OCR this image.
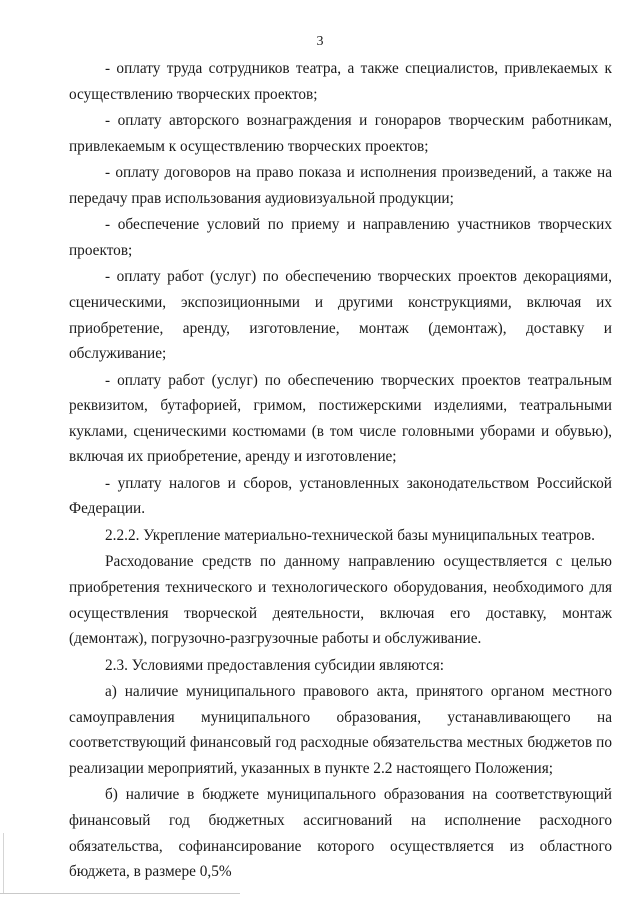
3

- оплату труда сотрудников театра, а также специалистов, привлекаемых к осуществлению творческих проектов;

- оплату авторского вознаграждения и гонораров творческим работникам, привлекаемым к осуществлению творческих проектов;

- оплату договоров на право показа и исполнения произведений, а также на передачу прав использования аудиовизуальной продукции;

- обеспечение условий по приему и направлению участников творческих проектов;

- оплату работ (услуг) по обеспечению творческих проектов декорациями, сценическими, экспозиционными и другими конструкциями, включая их приобретение, аренду, изготовление, монтаж (демонтаж), доставку и обслуживание;

- оплату работ (услуг) по обеспечению творческих проектов театральным реквизитом, бутафорией, гримом, постижерскими изделиями, театральными куклами, сценическими костюмами (в том числе головными уборами и обувью), включая их приобретение, аренду и изготовление;

- уплату налогов и сборов, установленных законодательством Российской Федерации.

2.2.2. Укрепление материально-технической базы муниципальных театров.

Расходование средств по данному направлению осуществляется с целью приобретения технического и технологического оборудования, необходимого для осуществления творческой деятельности, включая его доставку, монтаж (демонтаж), погрузочно-разгрузочные работы и обслуживание.

2.3. Условиями предоставления субсидии являются:

а) наличие муниципального правового акта, принятого органом местного самоуправления муниципального образования, устанавливающего на соответствующий финансовый год расходные обязательства местных бюджетов по реализации мероприятий, указанных в пункте 2.2 настоящего Положения;

б) наличие в бюджете муниципального образования на соответствующий финансовый год бюджетных ассигнований на исполнение расходного обязательства, софинансирование которого осуществляется из областного бюджета, в размере 0,5%
